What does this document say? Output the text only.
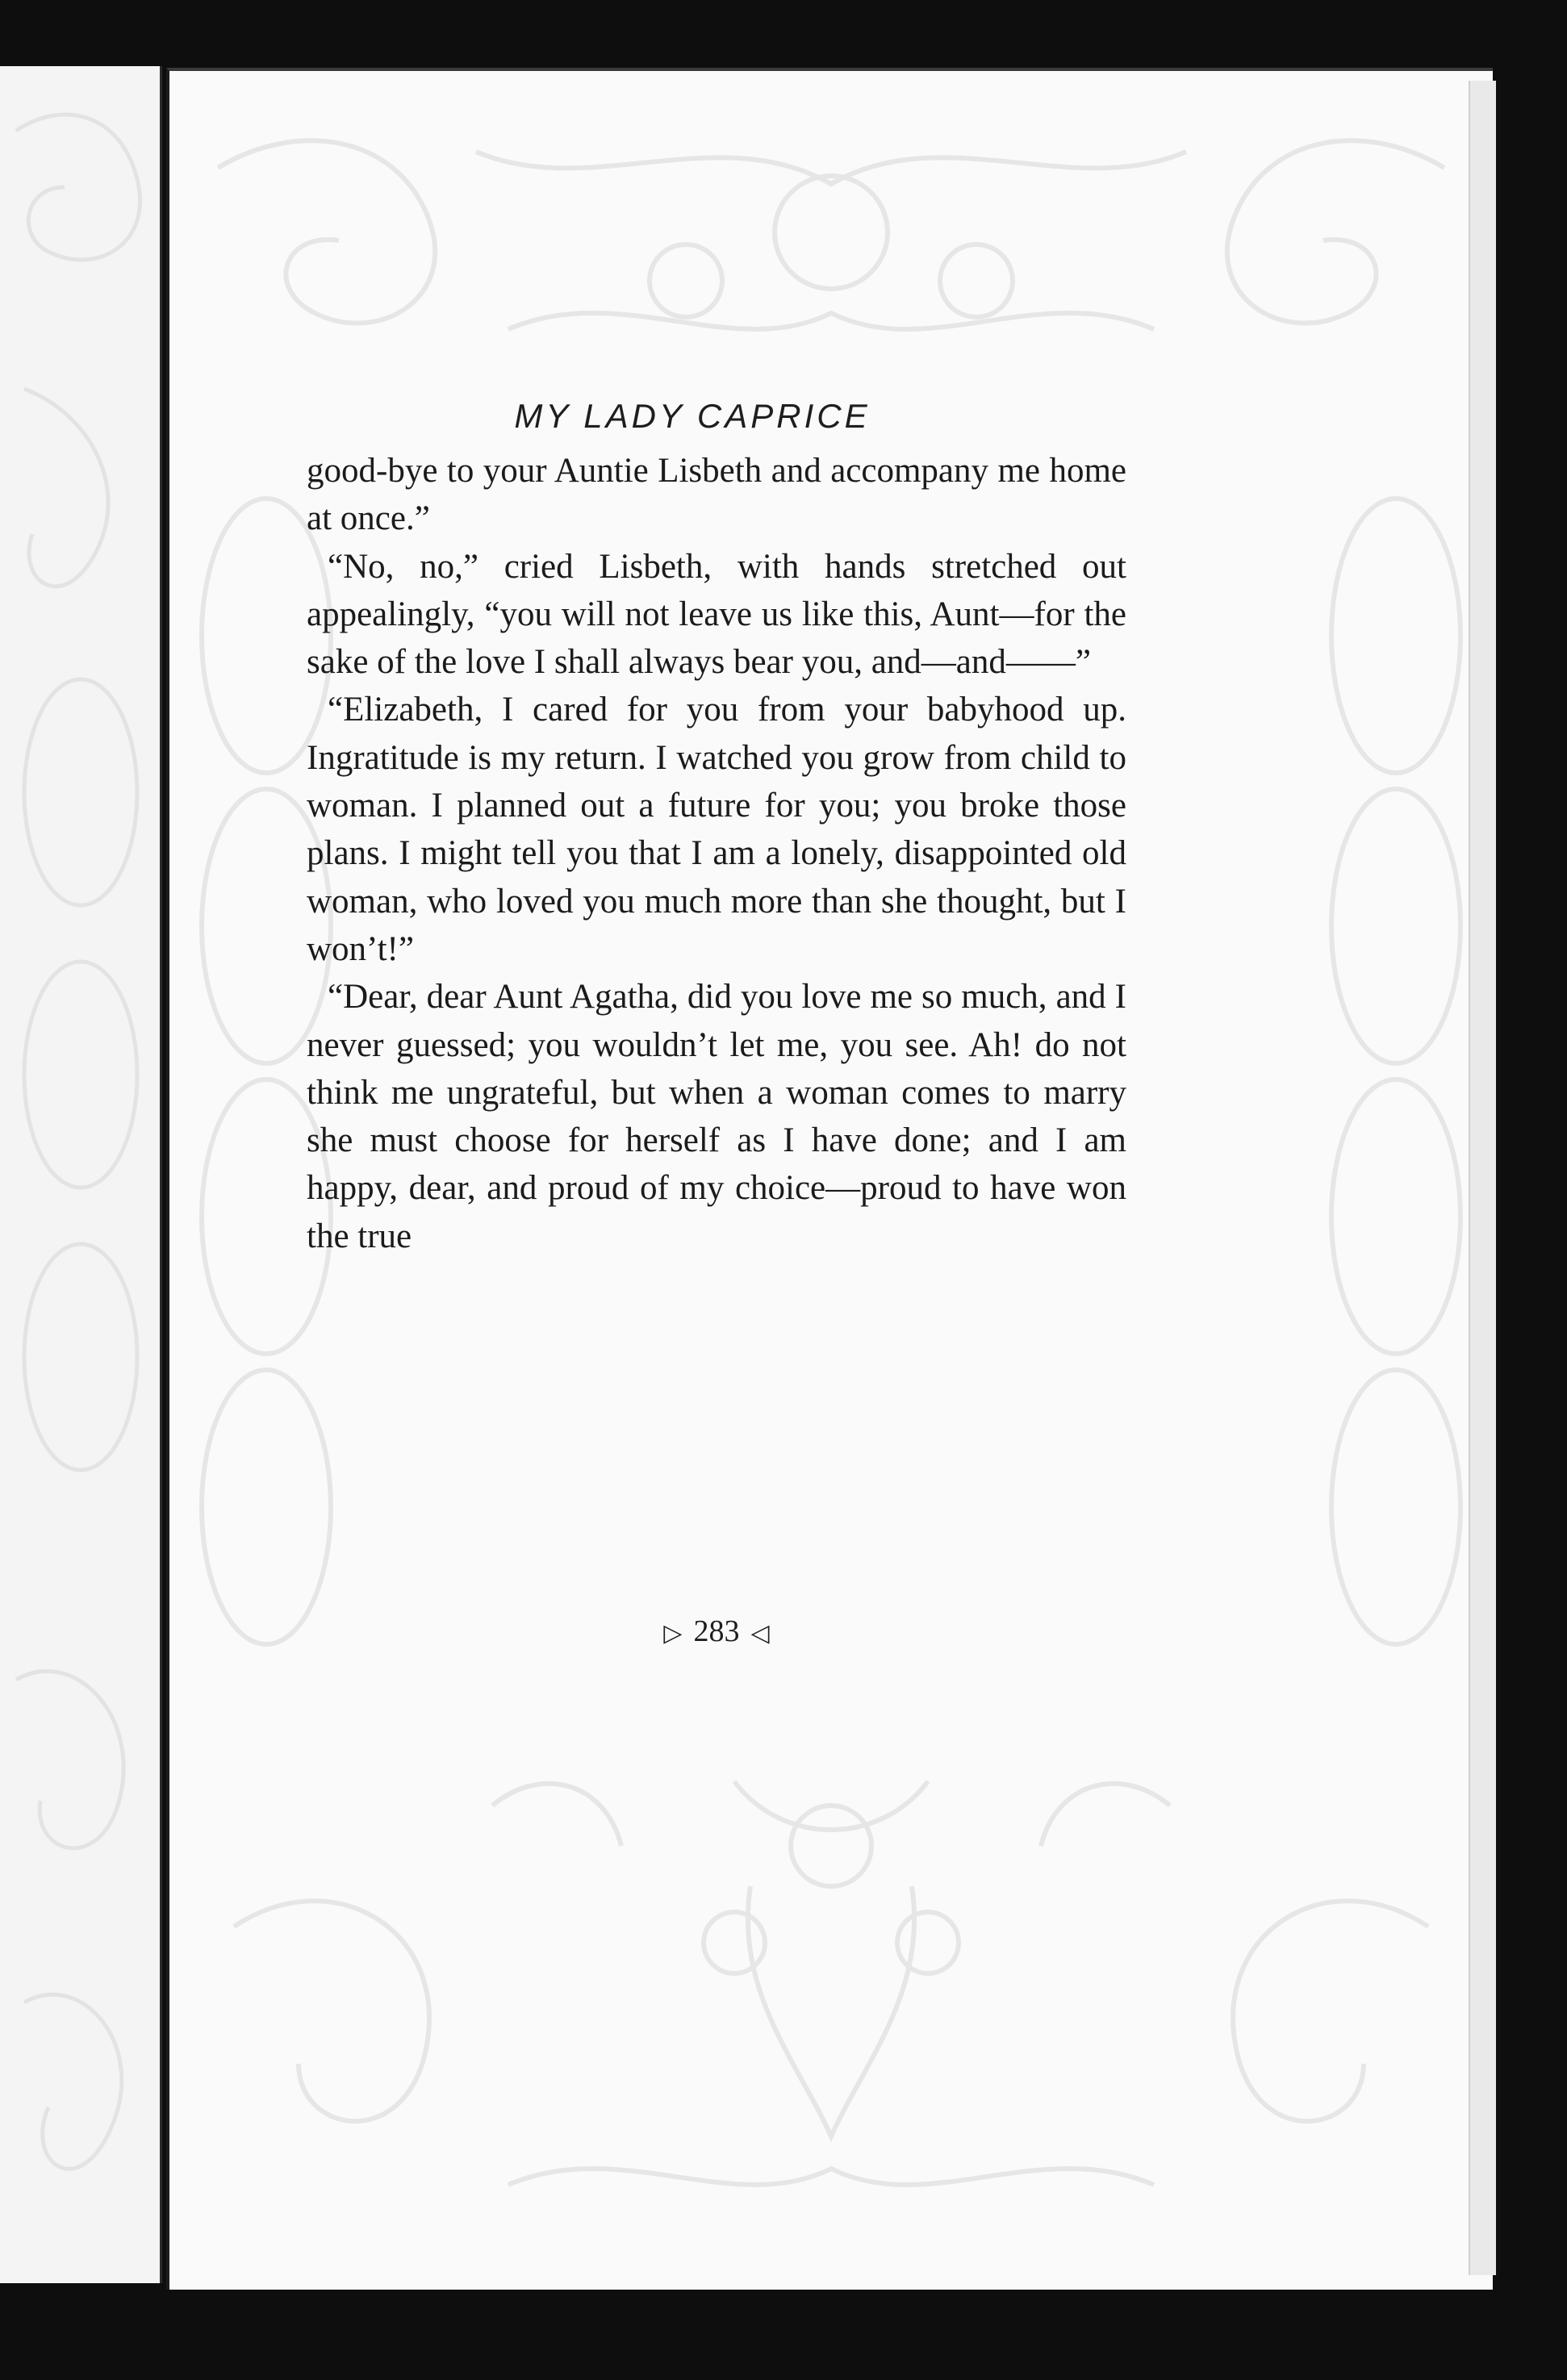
MY LADY CAPRICE

good-bye to your Auntie Lisbeth and accompany me home at once.”

“No, no,” cried Lisbeth, with hands stretched out appealingly, “you will not leave us like this, Aunt—for the sake of the love I shall always bear you, and—and——”

“Elizabeth, I cared for you from your babyhood up. Ingratitude is my return. I watched you grow from child to woman. I planned out a future for you; you broke those plans. I might tell you that I am a lonely, disappointed old woman, who loved you much more than she thought, but I won’t!”

“Dear, dear Aunt Agatha, did you love me so much, and I never guessed; you wouldn’t let me, you see. Ah! do not think me ungrateful, but when a woman comes to marry she must choose for herself as I have done; and I am happy, dear, and proud of my choice—proud to have won the true

▷ 283 ◁
